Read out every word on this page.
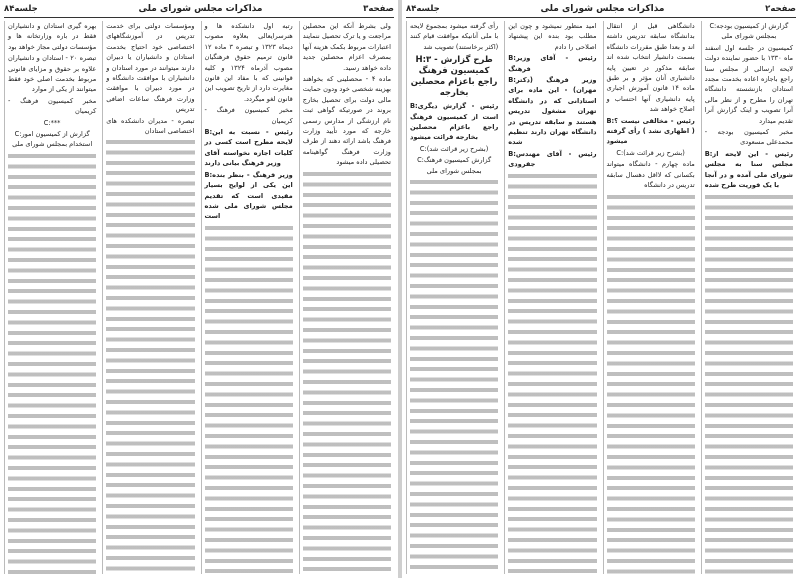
صفحه۳
مذاکرات مجلس شورای ملی
جلسه۸۴

ولی بشرط آنکه این محصلین مراجعت و یا ترک تحصیل ننمایند اعتبارات مربوط بکمک هزینه آنها بمصرف اعزام محصلین جدید داده خواهد رسید.

ماده ۴ - محصلینی که بخواهند بهزینه شخصی خود ودون حمایت مالی دولت برای تحصیل بخارج بروند در صورتیکه گواهی ثبت نام ارزشگی از مدارس رسمی خارجه که مورد تأیید وزارت فرهنگ باشد ارائه دهند از طرف وزارت فرهنگ گواهینامه تحصیلی داده میشود

رتبه اول دانشکده ها و هنرسرایعالی بعلاوه مصوب دیماه ۱۳۲۳ و تبصره ۳ ماده ۱۲ قانون ترمیم حقوق فرهنگیان مصوب آذرماه ۱۳۲۴ و کلیه قوانینی که با مفاد این قانون مغایرت دارد از تاریخ تصویب این قانون لغو میگردد.

مخبر کمیسیون فرهنگ - کریمیان

B:رئیس - نسبت به این لایحه مطرح است کسی در کلیات اجازه نخواسته آقای وزیر فرهنگ بیانی دارند

B:وزیر فرهنگ - بنظر بنده این یکی از لوایح بسیار مفیدی است که تقدیم مجلس شورای ملی شده است

ومؤسسات دولتی برای خدمت تدریس در آموزشگاههای اختصاصی خود احتیاج بخدمت استادان و دانشیاران یا دبیران دارند میتوانند در مورد استادان و دانشیاران با موافقت دانشگاه و در مورد دبیران با موافقت وزارت فرهنگ ساعات اضافی تدریس

تبصره - مدیران دانشکده های اختصاصی استادان

بهره گیری استادان و دانشیاران فقط در باره وزارتخانه ها و مؤسسات دولتی مجاز خواهد بود

تبصره ۲۰ - استادان و دانشیاران علاوه بر حقوق و مزایای قانونی مربوط بخدمت اصلی خود فقط میتوانند از یکی از موارد

مخبر کمیسیون فرهنگ - کریمیان

C:***

C:گزارش از کمیسیون امور استخدام بمجلس شورای ملی

صفحه۲
مذاکرات مجلس شورای ملی
جلسه۸۴

C:گزارش از کمیسیون بودجه بمجلس شورای ملی

کمیسیون در جلسه اول اسفند ماه ۱۳۳۰ با حضور نماینده دولت لایحه ارسالی از مجلس سنا راجع باجازه اعاده بخدمت مجدد استادان بازنشسته دانشگاه تهران را مطرح و از نظر مالی آنرا تصویب و اینک گزارش آنرا تقدیم میدارد

مخبر کمیسیون بودجه - محمدعلی مسعودی

B:رئیس - این لایحه از مجلس سنا به مجلس شورای ملی آمده و در آنجا با یک فوریت طرح شده

دانشگاهی قبل از انتقال بدانشگاه سابقه تدریس داشته اند و بعدا طبق مقررات دانشگاه بسمت دانشیار انتخاب شده اند سابقه مذکور در تعیین پایه دانشیاری آنان مؤثر و بر طبق ماده ۱۴ قانون آموزش اجباری پایه دانشیاری آنها احتساب و اصلاح خواهد شد

B:رئیس - مخالفی نیست ؟ ( اظهاری نشد ) رأی گرفته میشود

C:(بشرح زیر قرائت شد)

ماده چهارم - دانشگاه میتواند بکسانی که لااقل دهسال سابقه تدریس در دانشگاه

امید منظور نمیشود و چون این مطلب بود بنده این پیشنهاد اصلاحی را دادم

B:رئیس - آقای وزیر فرهنگ

B:وزیر فرهنگ (دکتر مهران) - این ماده برای استادانی که در دانشگاه تهران مشغول تدریس هستند و سابقه تدریس در دانشگاه تهران دارند تنظیم شده

B:رئیس - آقای مهندس جفرودی

رأی گرفته میشود بمجموع لایحه با ملی آنانیکه موافقت قیام کنند (اکثر برخاستند) تصویب شد

H:۳ - طرح گزارش کمیسیون فرهنگ راجع باعزام محصلین بخارجه

B:رئیس - گزارش دیگری است از کمیسیون فرهنگ راجع باعزام محصلین بخارجه قرائت میشود

C:(بشرح زیر قرائت شد)

C:گزارش کمیسیون فرهنگ بمجلس شورای ملی
